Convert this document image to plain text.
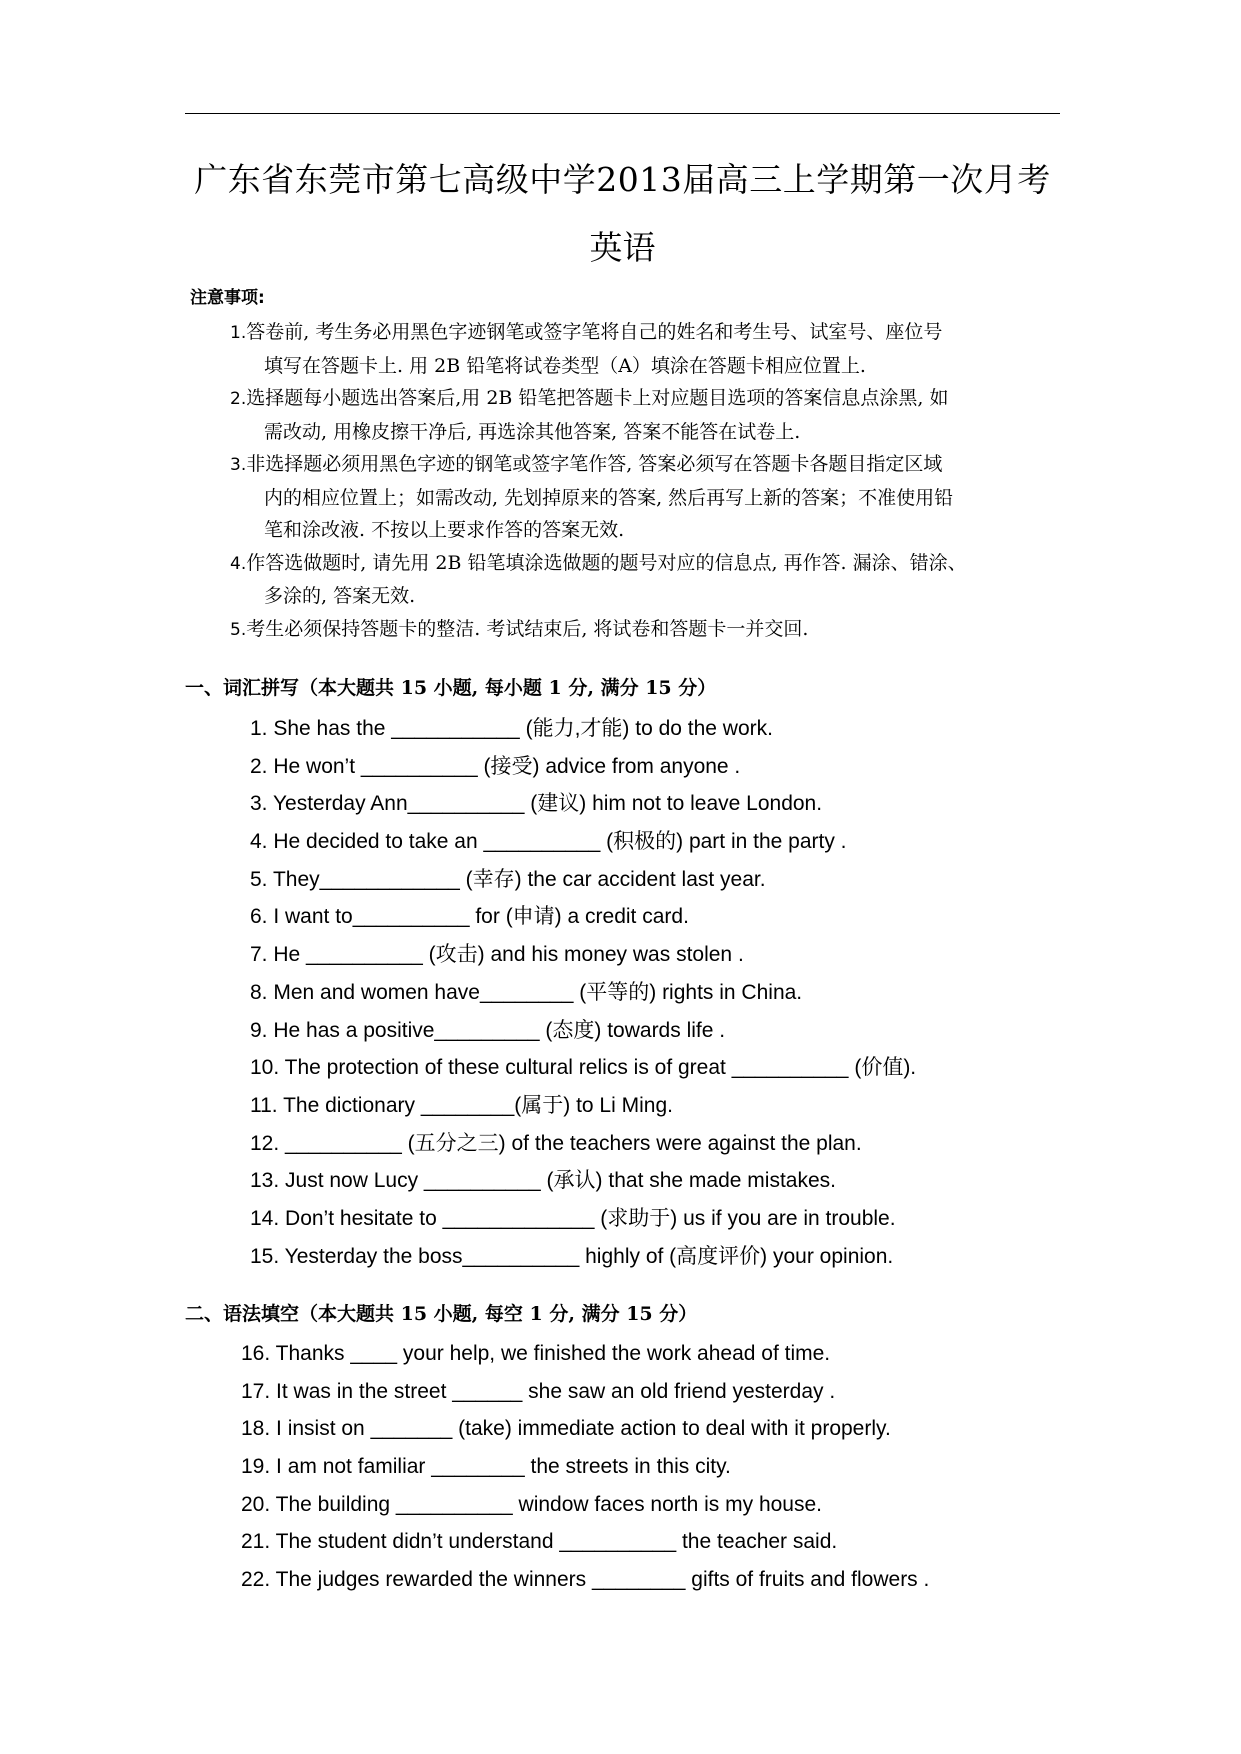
广东省东莞市第七高级中学2013届高三上学期第一次月考
英语
注意事项:
1.答卷前, 考生务必用黑色字迹钢笔或签字笔将自己的姓名和考生号、试室号、座位号
填写在答题卡上. 用 2B 铅笔将试卷类型（A）填涂在答题卡相应位置上.
2.选择题每小题选出答案后,用 2B 铅笔把答题卡上对应题目选项的答案信息点涂黑, 如
需改动, 用橡皮擦干净后, 再选涂其他答案, 答案不能答在试卷上.
3.非选择题必须用黑色字迹的钢笔或签字笔作答, 答案必须写在答题卡各题目指定区域
内的相应位置上；如需改动, 先划掉原来的答案, 然后再写上新的答案；不准使用铅
笔和涂改液. 不按以上要求作答的答案无效.
4.作答选做题时, 请先用 2B 铅笔填涂选做题的题号对应的信息点, 再作答. 漏涂、错涂、
多涂的, 答案无效.
5.考生必须保持答题卡的整洁. 考试结束后, 将试卷和答题卡一并交回.
一、词汇拼写（本大题共 15 小题, 每小题 1 分, 满分 15 分）
1. She has the ___________ (能力,才能) to do the work.
2. He won’t __________ (接受) advice from anyone .
3. Yesterday Ann__________ (建议) him not to leave London.
4. He decided to take an __________ (积极的) part in the party .
5. They____________ (幸存) the car accident last year.
6. I want to__________ for (申请) a credit card.
7. He __________ (攻击) and his money was stolen .
8. Men and women have________ (平等的) rights in China.
9. He has a positive_________ (态度) towards life .
10. The protection of these cultural relics is of great __________ (价值).
11. The dictionary ________(属于) to Li Ming.
12. __________ (五分之三) of the teachers were against the plan.
13. Just now Lucy __________ (承认) that she made mistakes.
14. Don’t hesitate to _____________ (求助于) us if you are in trouble.
15. Yesterday the boss__________ highly of (高度评价) your opinion.
二、语法填空（本大题共 15 小题, 每空 1 分, 满分 15 分）
16. Thanks ____ your help, we finished the work ahead of time.
17. It was in the street ______ she saw an old friend yesterday .
18. I insist on _______ (take) immediate action to deal with it properly.
19. I am not familiar ________ the streets in this city.
20. The building __________ window faces north is my house.
21. The student didn’t understand __________ the teacher said.
22. The judges rewarded the winners ________ gifts of fruits and flowers .
